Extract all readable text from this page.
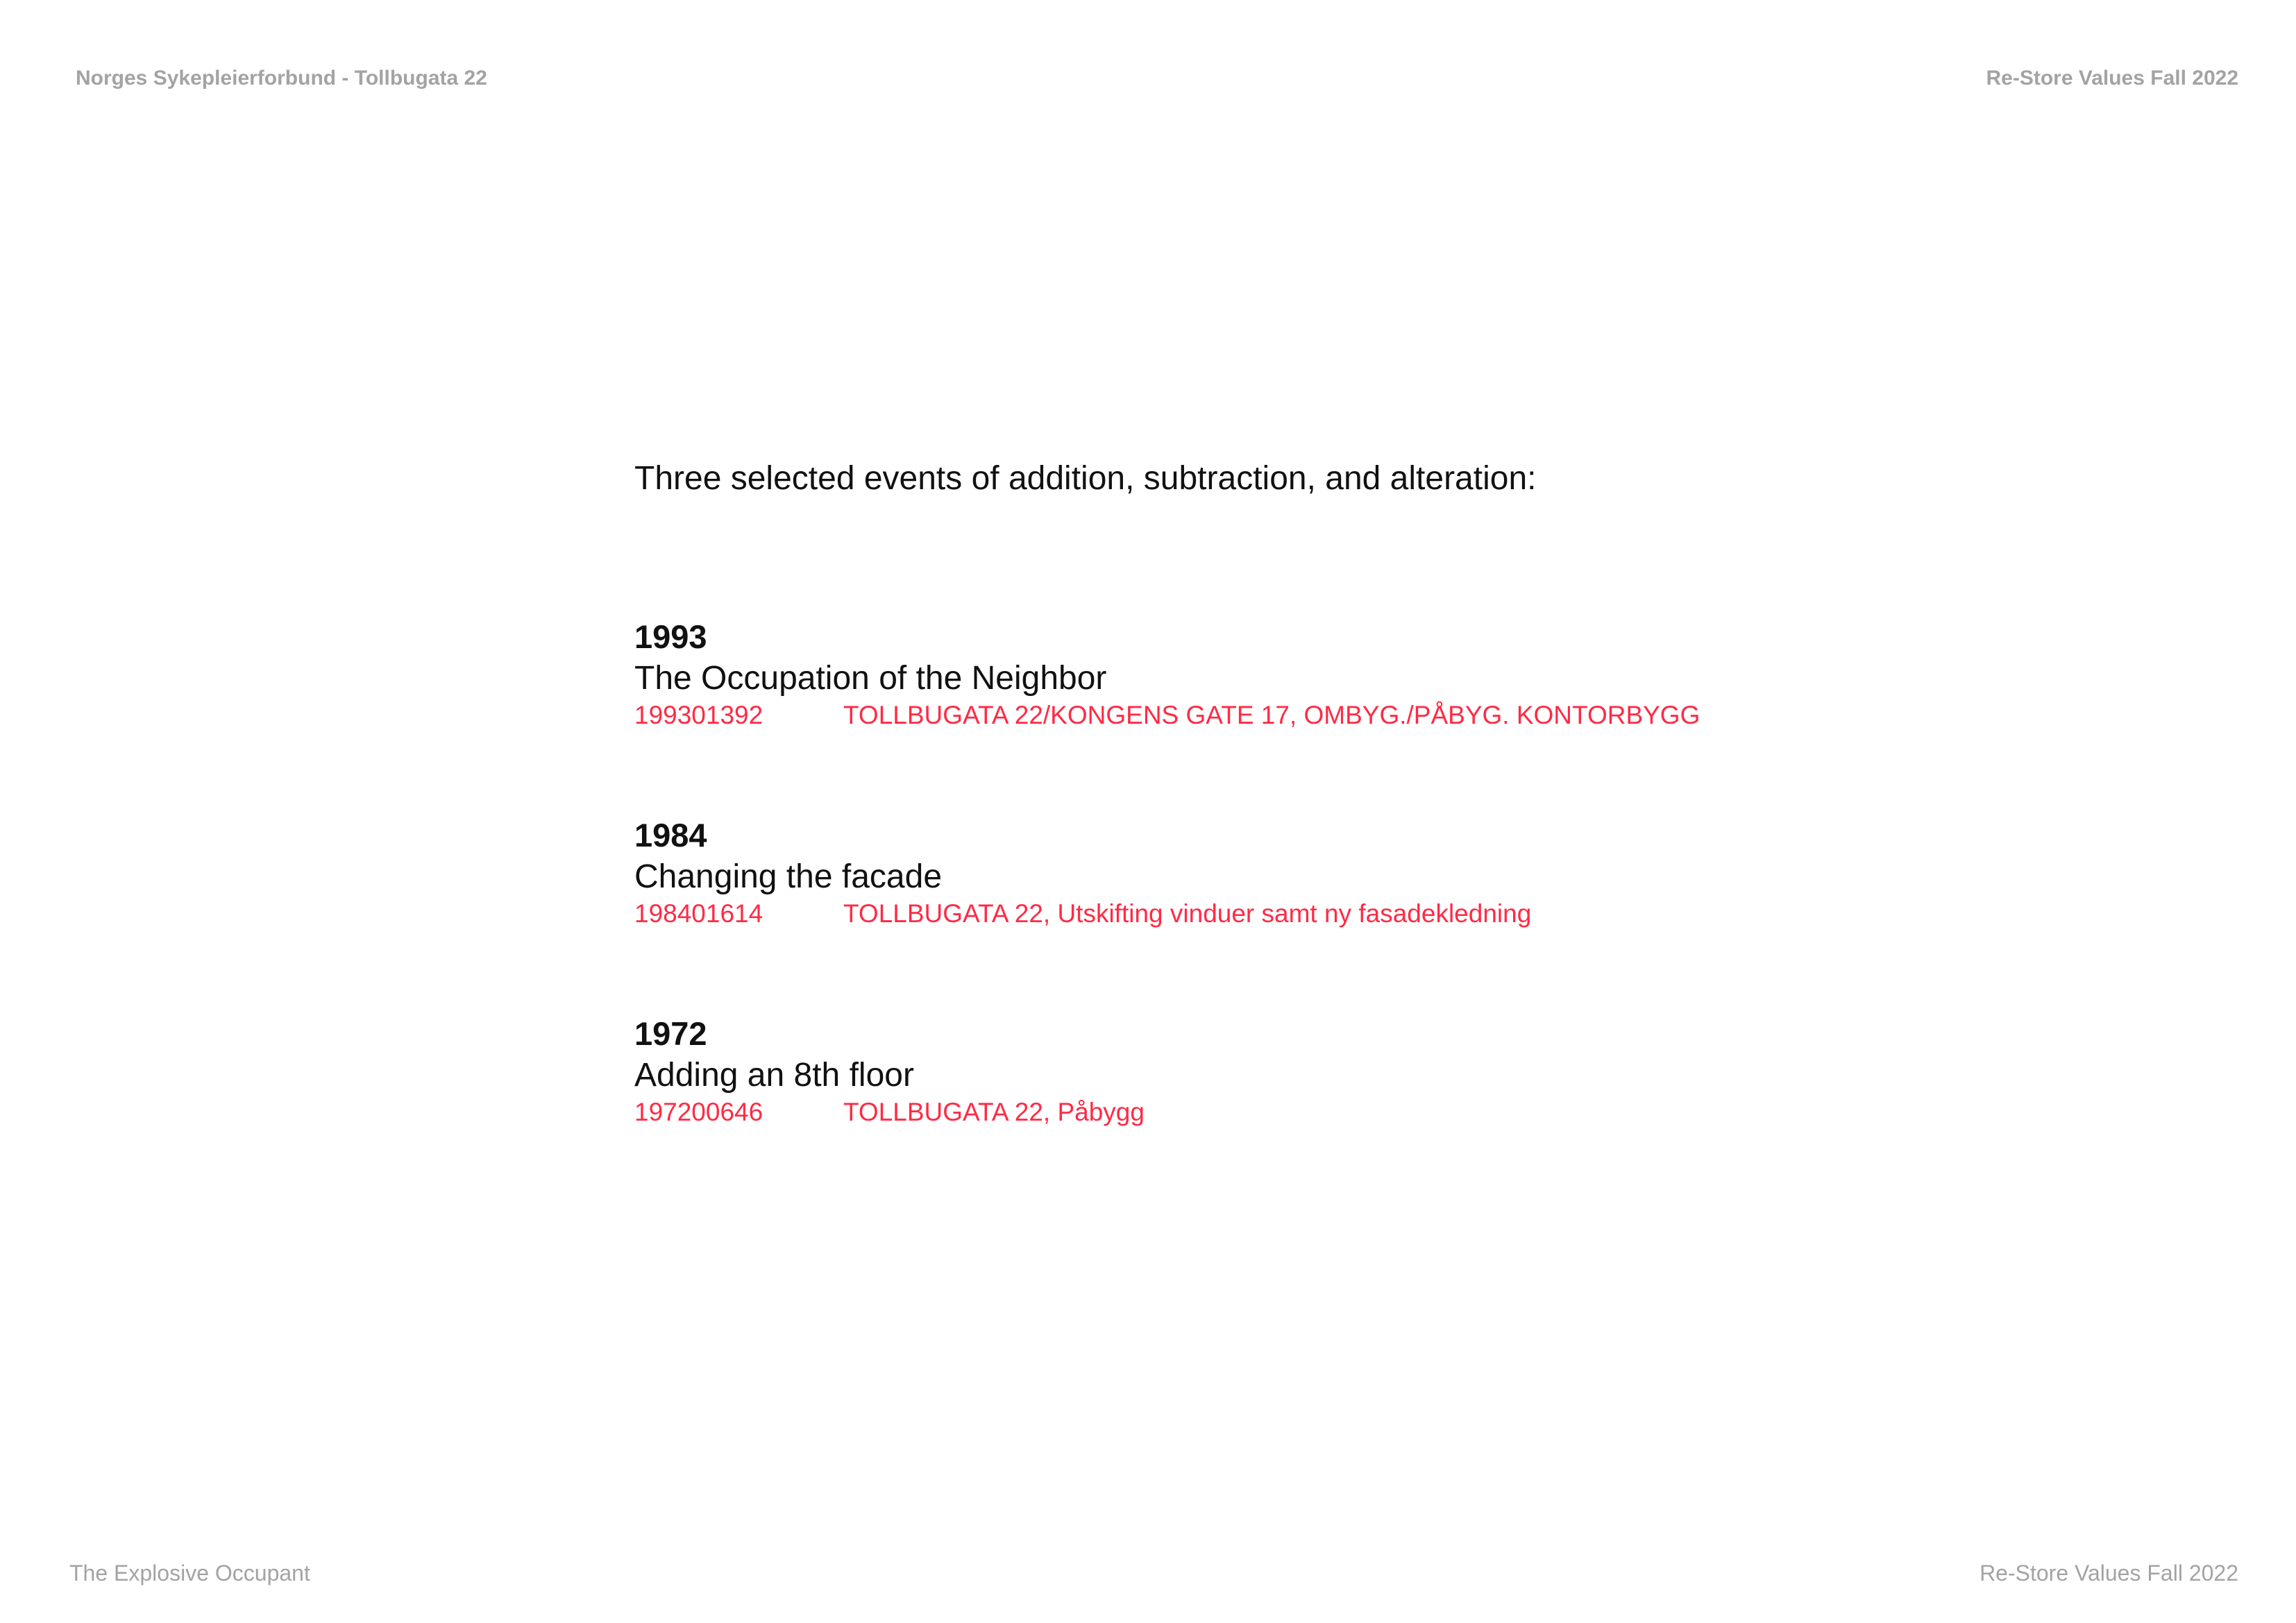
Norges Sykepleierforbund - Tollbugata 22	Re-Store Values Fall 2022
Three selected events of addition, subtraction, and alteration:
1993
The Occupation of the Neighbor
199301392	TOLLBUGATA 22/KONGENS GATE 17, OMBYG./PÅBYG. KONTORBYGG
1984
Changing the facade
198401614	TOLLBUGATA 22, Utskifting vinduer samt ny fasadekledning
1972
Adding an 8th floor
197200646	TOLLBUGATA 22, Påbygg
The Explosive Occupant	Re-Store Values Fall 2022
